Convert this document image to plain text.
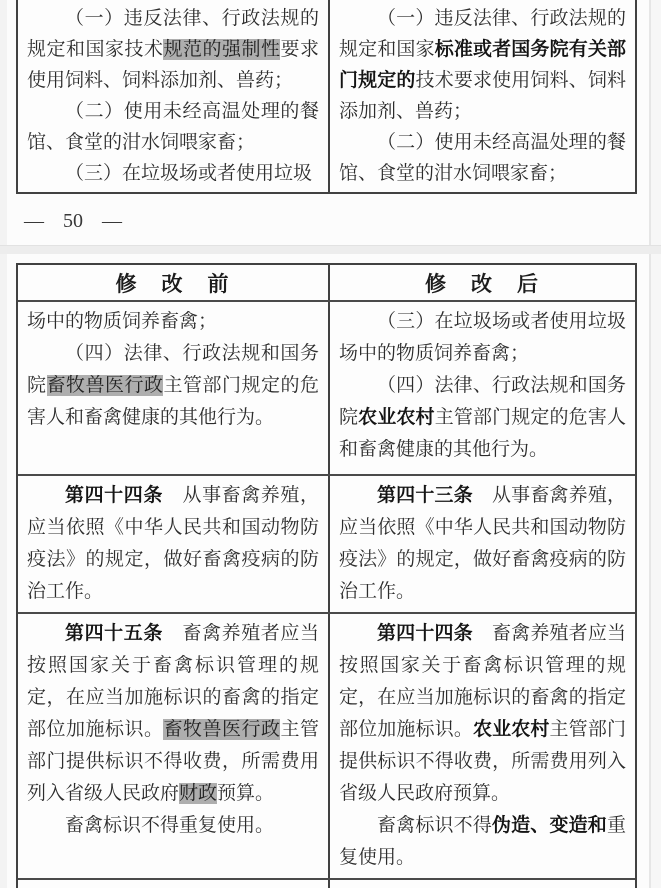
（一）违反法律、行政法规的规定和国家技术规范的强制性要求使用饲料、饲料添加剂、兽药；

（二）使用未经高温处理的餐馆、食堂的泔水饲喂家畜；

（三）在垃圾场或者使用垃圾

（一）违反法律、行政法规的规定和国家标准或者国务院有关部门规定的技术要求使用饲料、饲料添加剂、兽药；

（二）使用未经高温处理的餐馆、食堂的泔水饲喂家畜；

— 50 —
修　改　前	修　改　后

场中的物质饲养畜禽；

（四）法律、行政法规和国务院畜牧兽医行政主管部门规定的危害人和畜禽健康的其他行为。

（三）在垃圾场或者使用垃圾场中的物质饲养畜禽；

（四）法律、行政法规和国务院农业农村主管部门规定的危害人和畜禽健康的其他行为。

第四十四条　从事畜禽养殖，应当依照《中华人民共和国动物防疫法》的规定，做好畜禽疫病的防治工作。

第四十三条　从事畜禽养殖，应当依照《中华人民共和国动物防疫法》的规定，做好畜禽疫病的防治工作。

第四十五条　畜禽养殖者应当按照国家关于畜禽标识管理的规定，在应当加施标识的畜禽的指定部位加施标识。畜牧兽医行政主管部门提供标识不得收费，所需费用列入省级人民政府财政预算。

畜禽标识不得重复使用。

第四十四条　畜禽养殖者应当按照国家关于畜禽标识管理的规定，在应当加施标识的畜禽的指定部位加施标识。农业农村主管部门提供标识不得收费，所需费用列入省级人民政府预算。

畜禽标识不得伪造、变造和重复使用。
